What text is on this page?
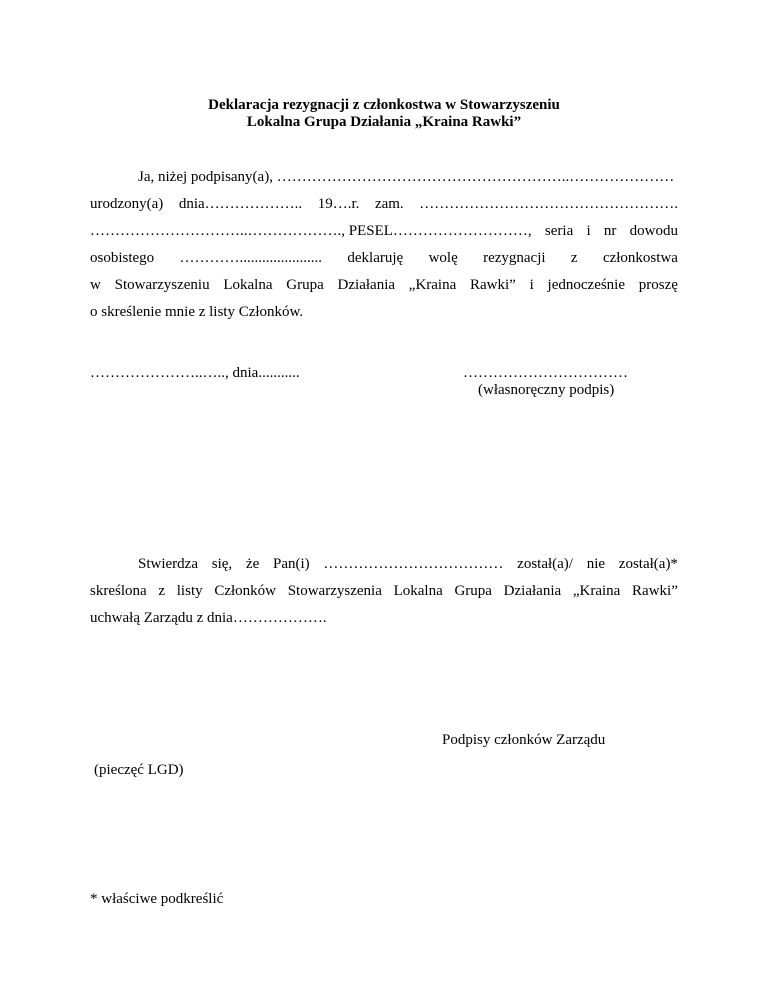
Deklaracja rezygnacji z członkostwa w Stowarzyszeniu
Lokalna Grupa Działania „Kraina Rawki”
Ja, niżej podpisany(a), …………………………………………………..…………………
urodzony(a) dnia……………….. 19….r. zam. …………………………………………….
…………………………..………………., PESEL………………………, seria i nr dowodu
osobistego …………...................... deklaruję wolę rezygnacji z członkostwa
w Stowarzyszeniu Lokalna Grupa Działania „Kraina Rawki” i jednocześnie proszę
o skreślenie mnie z listy Członków.
…………………..….., dnia...........	……………………………
(własnoręczny podpis)
Stwierdza się, że Pan(i) ……………………………… został(a)/ nie został(a)*
skreślona z listy Członków Stowarzyszenia Lokalna Grupa Działania „Kraina Rawki”
uchwałą Zarządu z dnia……………….
Podpisy członków Zarządu
(pieczęć LGD)
* właściwe podkreślić
